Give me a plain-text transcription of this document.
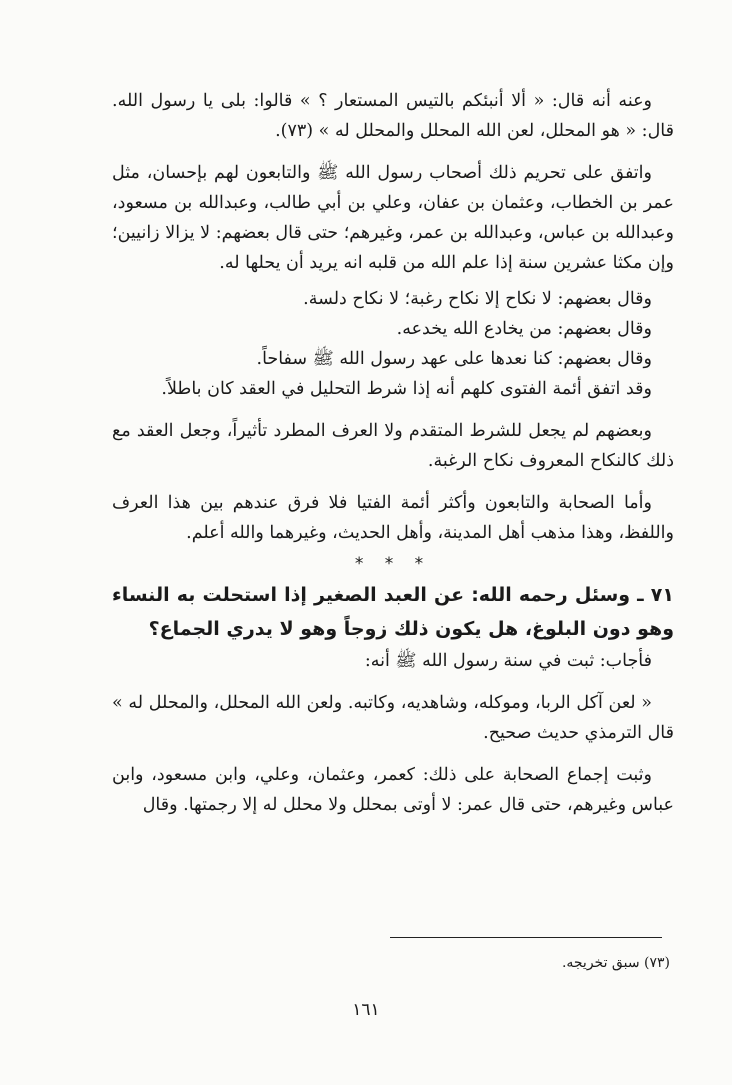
وعنه أنه قال: « ألا أنبئكم بالتيس المستعار ؟ » قالوا: بلى يا رسول الله. قال: « هو المحلل، لعن الله المحلل والمحلل له » (٧٣).

واتفق على تحريم ذلك أصحاب رسول الله ﷺ والتابعون لهم بإحسان، مثل عمر بن الخطاب، وعثمان بن عفان، وعلي بن أبي طالب، وعبدالله بن مسعود، وعبدالله بن عباس، وعبدالله بن عمر، وغيرهم؛ حتى قال بعضهم: لا يزالا زانيين؛ وإن مكثا عشرين سنة إذا علم الله من قلبه انه يريد أن يحلها له.

وقال بعضهم: لا نكاح إلا نكاح رغبة؛ لا نكاح دلسة.

وقال بعضهم: من يخادع الله يخدعه.

وقال بعضهم: كنا نعدها على عهد رسول الله ﷺ سفاحاً.

وقد اتفق أئمة الفتوى كلهم أنه إذا شرط التحليل في العقد كان باطلاً.

وبعضهم لم يجعل للشرط المتقدم ولا العرف المطرد تأثيراً، وجعل العقد مع ذلك كالنكاح المعروف نكاح الرغبة.

وأما الصحابة والتابعون وأكثر أئمة الفتيا فلا فرق عندهم بين هذا العرف واللفظ، وهذا مذهب أهل المدينة، وأهل الحديث، وغيرهما والله أعلم.

* * *

٧١ ـ وسئل رحمه الله: عن العبد الصغير إذا استحلت به النساء وهو دون البلوغ، هل يكون ذلك زوجاً وهو لا يدري الجماع؟

فأجاب: ثبت في سنة رسول الله ﷺ أنه:

« لعن آكل الربا، وموكله، وشاهديه، وكاتبه. ولعن الله المحلل، والمحلل له » قال الترمذي حديث صحيح.

وثبت إجماع الصحابة على ذلك: كعمر، وعثمان، وعلي، وابن مسعود، وابن عباس وغيرهم، حتى قال عمر: لا أوتى بمحلل ولا محلل له إلا رجمتها. وقال

(٧٣) سبق تخريجه.
١٦١
